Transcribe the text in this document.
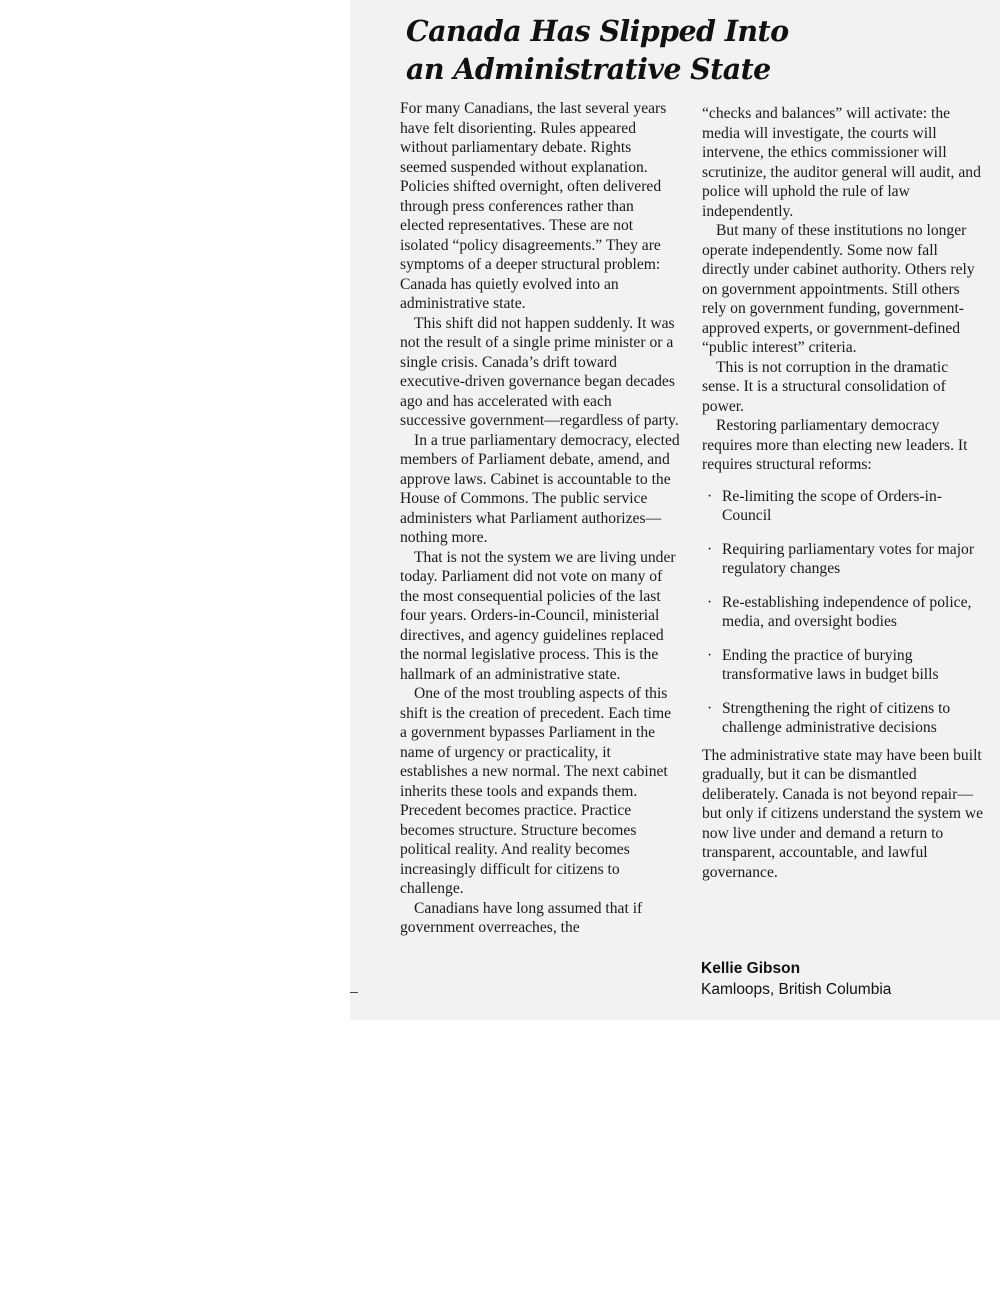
Canada Has Slipped Into an Administrative State

For many Canadians, the last several years have felt disorienting. Rules appeared without parliamentary debate. Rights seemed suspended without explanation. Policies shifted overnight, often delivered through press conferences rather than elected representatives. These are not isolated “policy disagreements.” They are symptoms of a deeper structural problem: Canada has quietly evolved into an administrative state.

This shift did not happen suddenly. It was not the result of a single prime minister or a single crisis. Canada’s drift toward executive-driven governance began decades ago and has accelerated with each successive government—regardless of party.

In a true parliamentary democracy, elected members of Parliament debate, amend, and approve laws. Cabinet is accountable to the House of Commons. The public service administers what Parliament authorizes—nothing more.

That is not the system we are living under today. Parliament did not vote on many of the most consequential policies of the last four years. Orders-in-Council, ministerial directives, and agency guidelines replaced the normal legislative process. This is the hallmark of an administrative state.

One of the most troubling aspects of this shift is the creation of precedent. Each time a government bypasses Parliament in the name of urgency or practicality, it establishes a new normal. The next cabinet inherits these tools and expands them. Precedent becomes practice. Practice becomes structure. Structure becomes political reality. And reality becomes increasingly difficult for citizens to challenge.

Canadians have long assumed that if government overreaches, the

“checks and balances” will activate: the media will investigate, the courts will intervene, the ethics commissioner will scrutinize, the auditor general will audit, and police will uphold the rule of law independently.

But many of these institutions no longer operate independently. Some now fall directly under cabinet authority. Others rely on government appointments. Still others rely on government funding, government-approved experts, or government-defined “public interest” criteria.

This is not corruption in the dramatic sense. It is a structural consolidation of power.

Restoring parliamentary democracy requires more than electing new leaders. It requires structural reforms:

· Re-limiting the scope of Orders-in-Council
· Requiring parliamentary votes for major regulatory changes
· Re-establishing independence of police, media, and oversight bodies
· Ending the practice of burying transformative laws in budget bills
· Strengthening the right of citizens to challenge administrative decisions

The administrative state may have been built gradually, but it can be dismantled deliberately. Canada is not beyond repair—but only if citizens understand the system we now live under and demand a return to transparent, accountable, and lawful governance.

Kellie Gibson
Kamloops, British Columbia
